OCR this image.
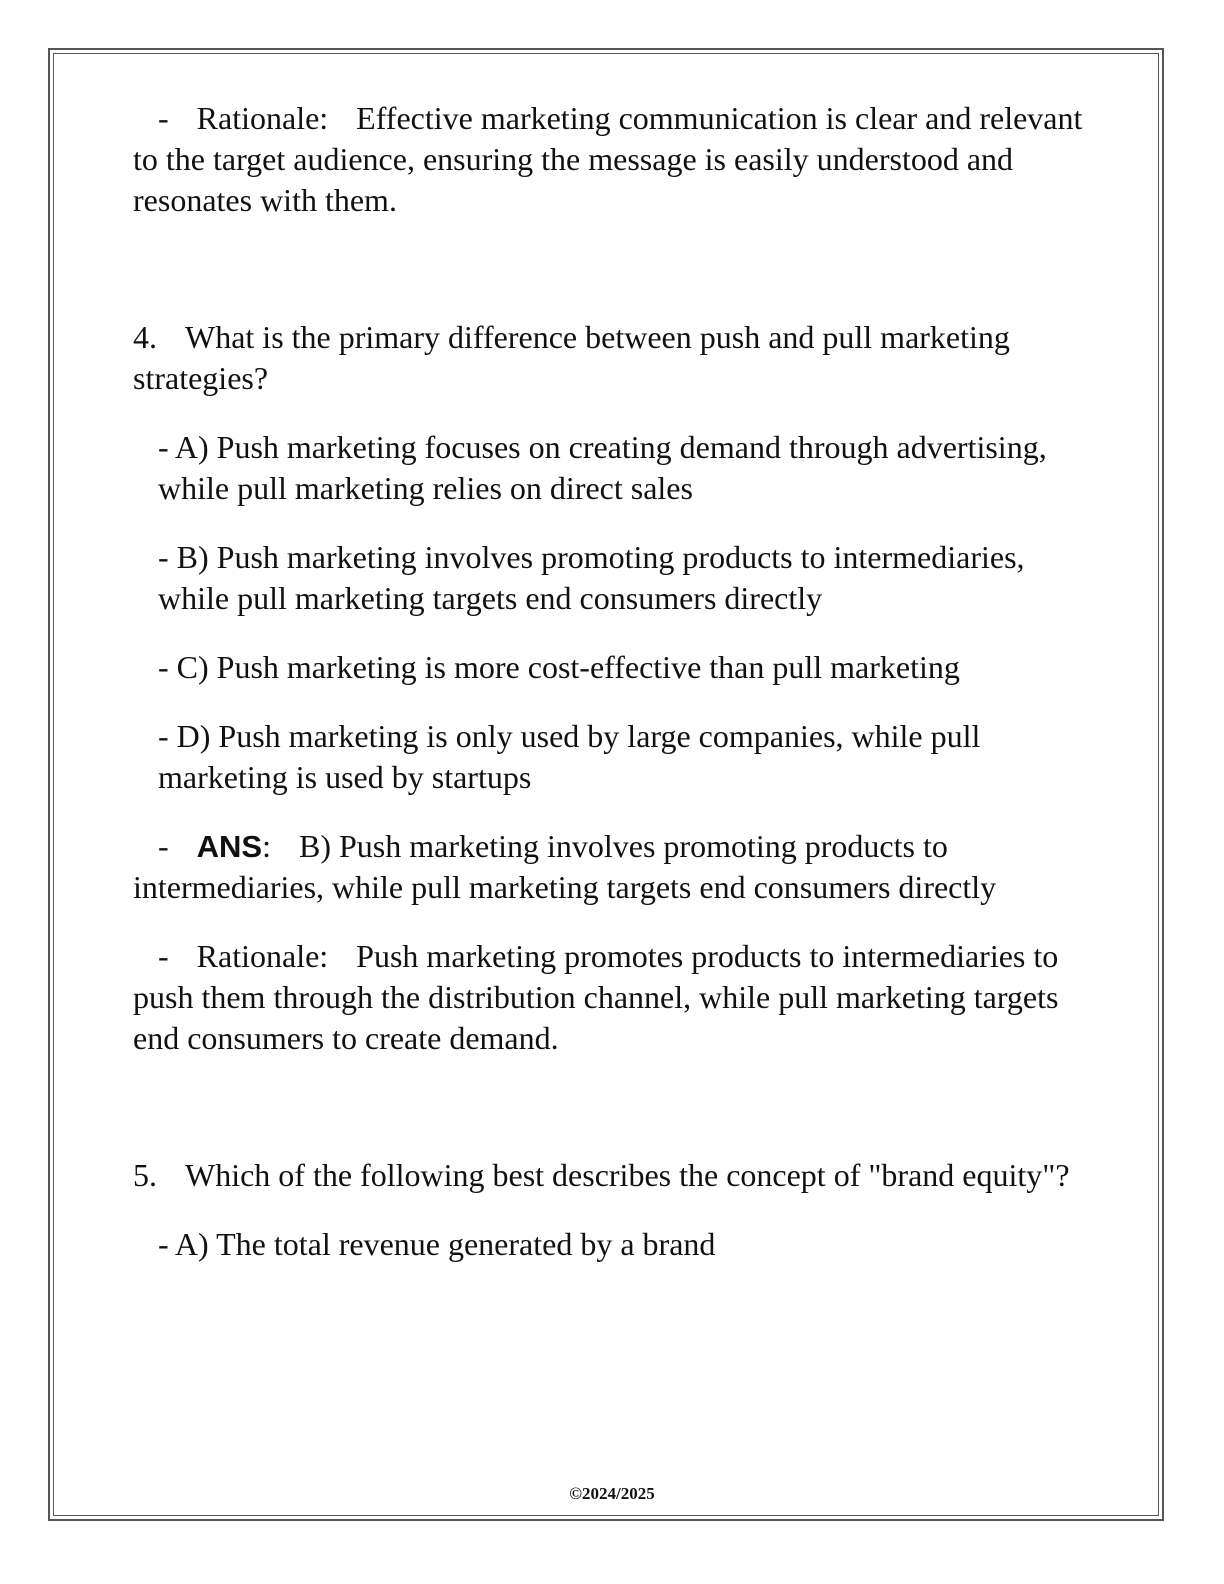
- Rationale: Effective marketing communication is clear and relevant to the target audience, ensuring the message is easily understood and resonates with them.

4. What is the primary difference between push and pull marketing strategies?

- A) Push marketing focuses on creating demand through advertising, while pull marketing relies on direct sales

- B) Push marketing involves promoting products to intermediaries, while pull marketing targets end consumers directly

- C) Push marketing is more cost-effective than pull marketing

- D) Push marketing is only used by large companies, while pull marketing is used by startups

- ANS: B) Push marketing involves promoting products to intermediaries, while pull marketing targets end consumers directly

- Rationale: Push marketing promotes products to intermediaries to push them through the distribution channel, while pull marketing targets end consumers to create demand.

5. Which of the following best describes the concept of "brand equity"?

- A) The total revenue generated by a brand

©2024/2025
